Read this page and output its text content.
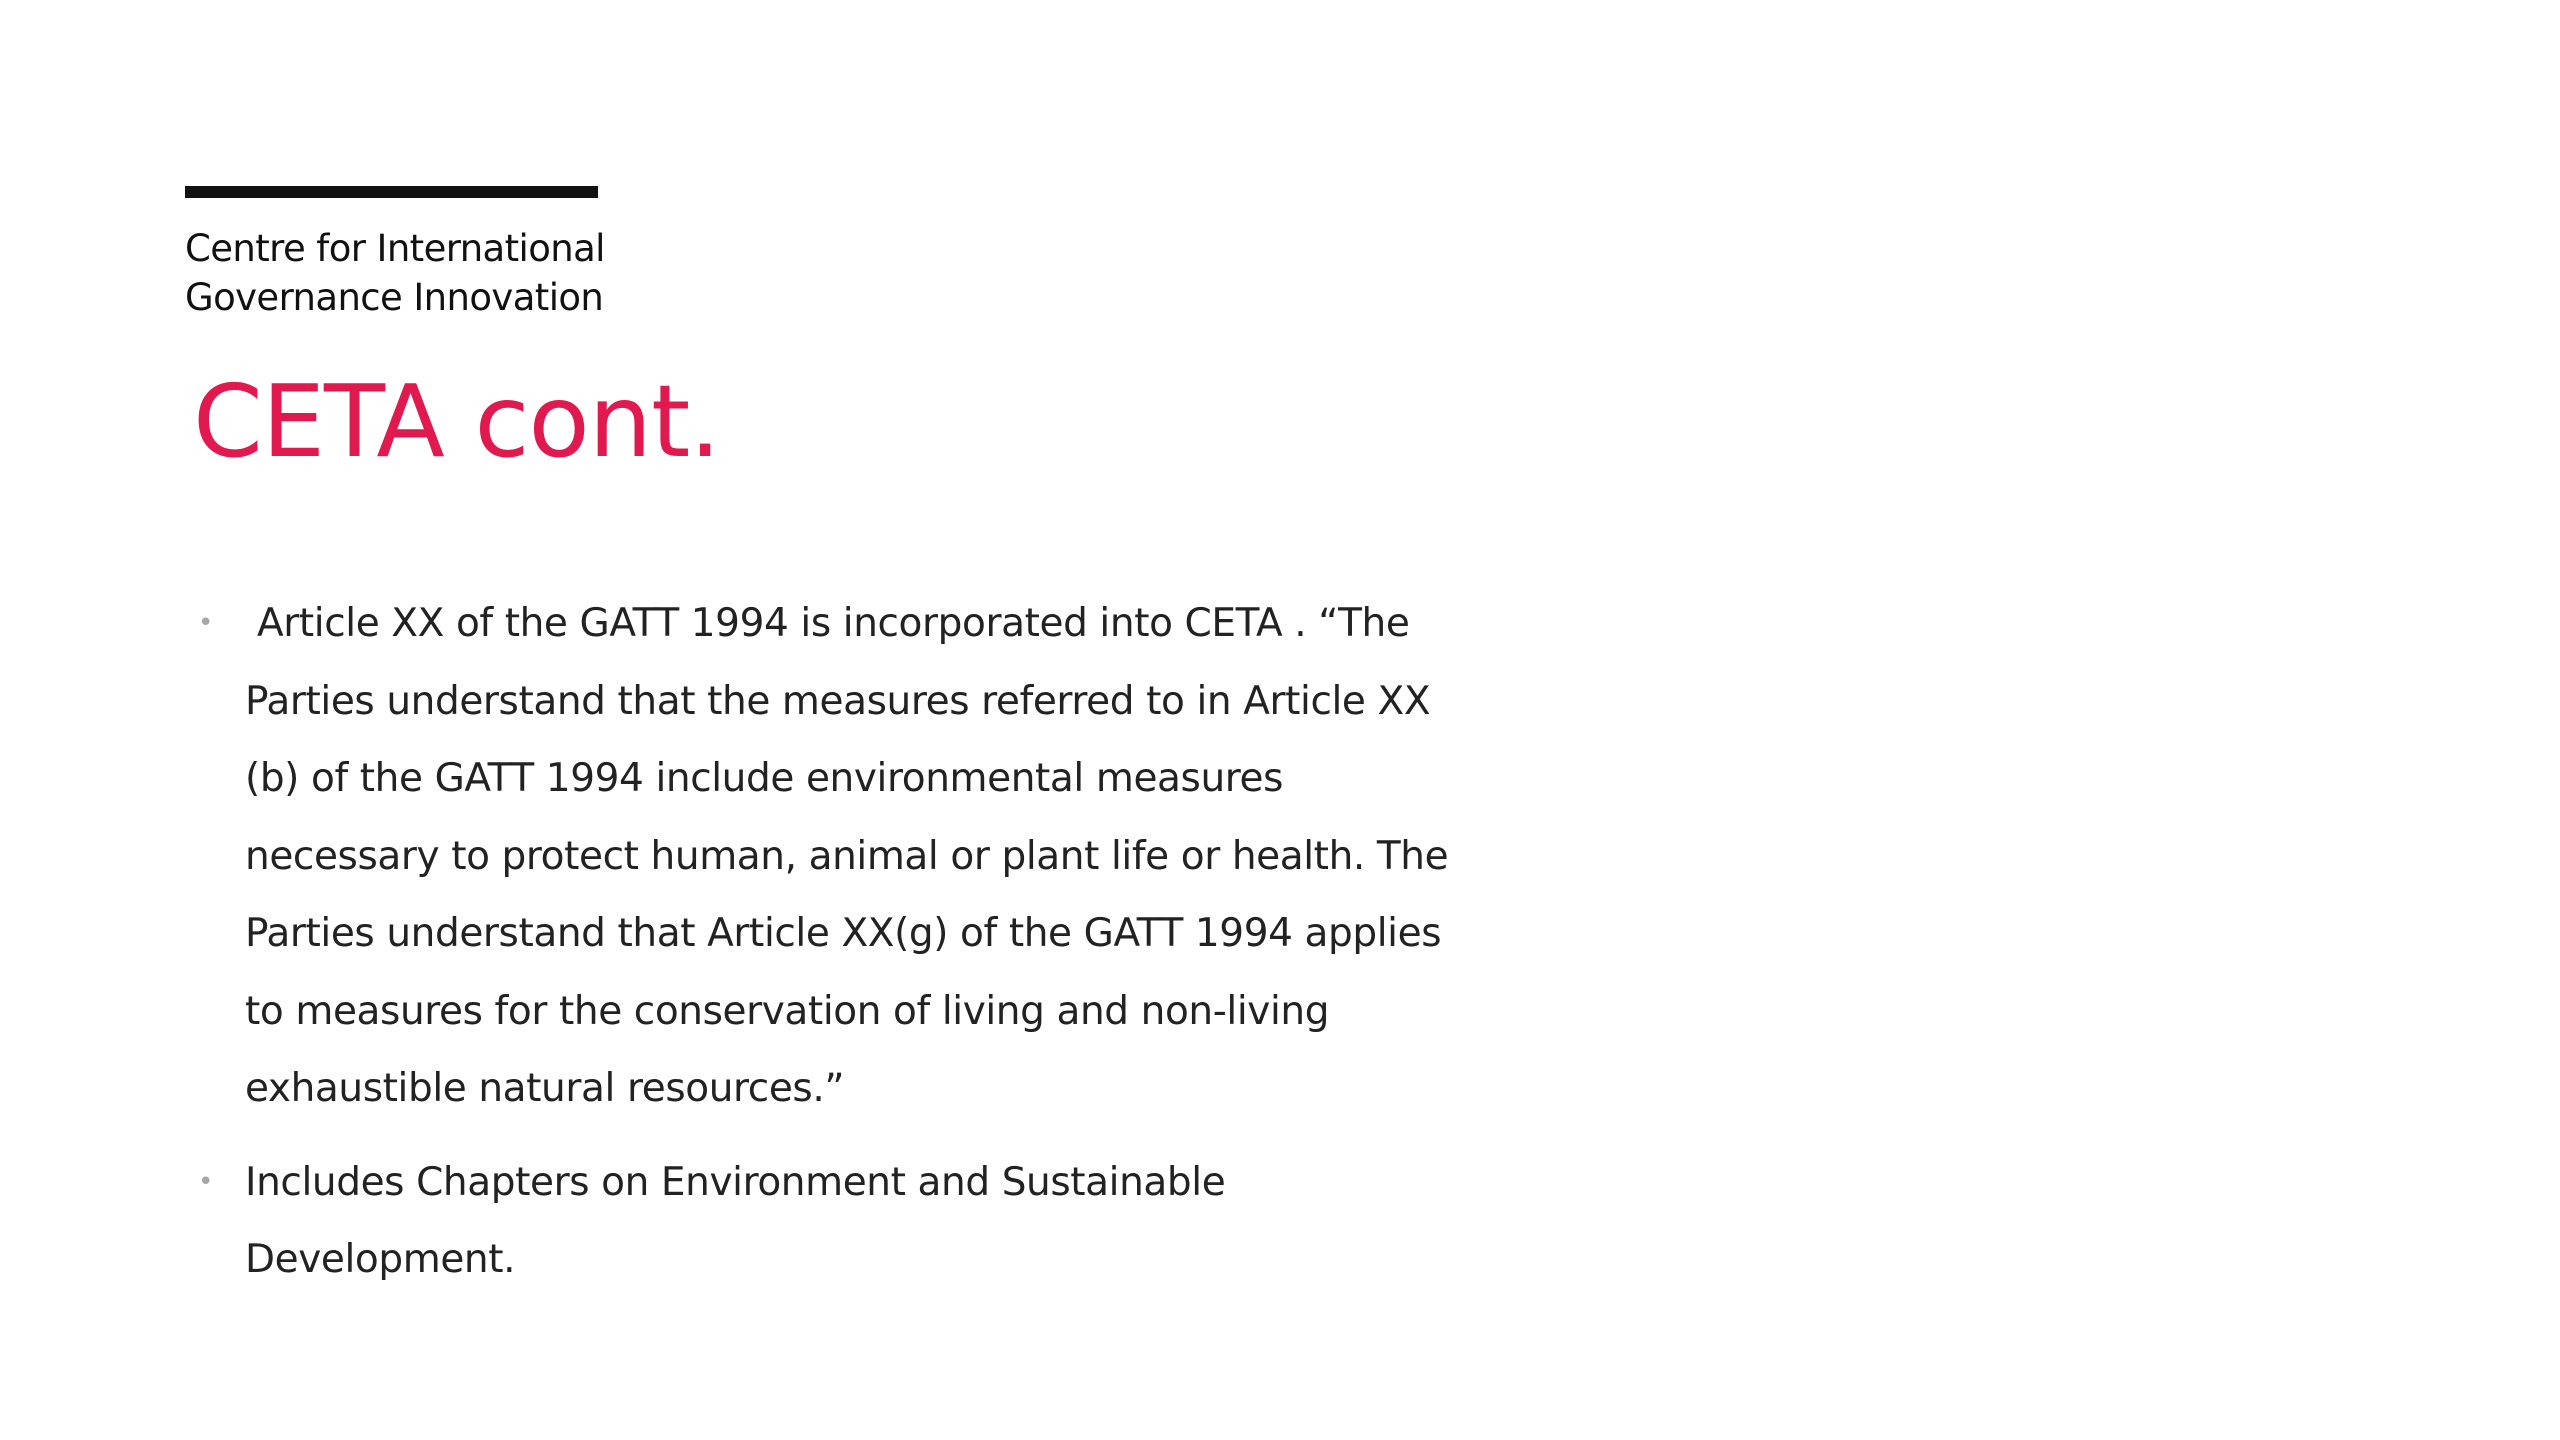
Centre for International
Governance Innovation
CETA cont.
• Article XX of the GATT 1994 is incorporated into CETA . “The
Parties understand that the measures referred to in Article XX
(b) of the GATT 1994 include environmental measures
necessary to protect human, animal or plant life or health. The
Parties understand that Article XX(g) of the GATT 1994 applies
to measures for the conservation of living and non-living
exhaustible natural resources.”
• Includes Chapters on Environment and Sustainable
Development.
